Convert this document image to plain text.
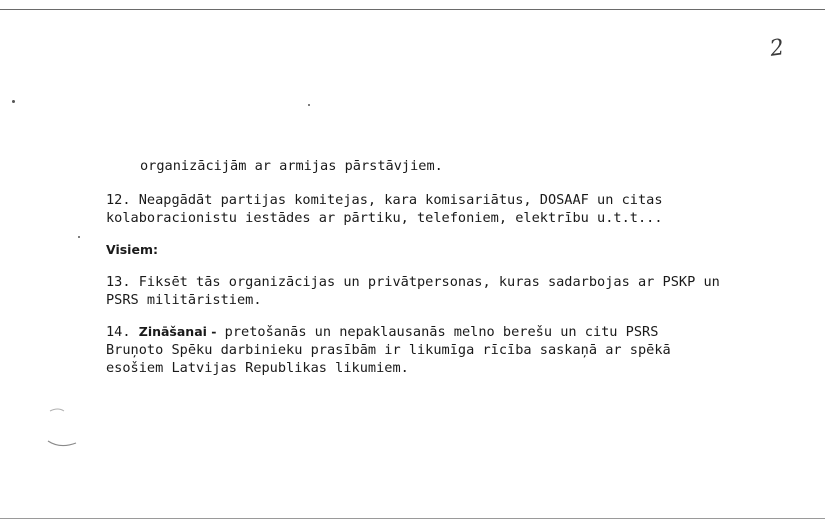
2
organizācijām ar armijas pārstāvjiem.
12. Neapgādāt partijas komitejas, kara komisariātus, DOSAAF un citas
kolaboracionistu iestādes ar pārtiku, telefoniem, elektrību u.t.t...
Visiem:
13. Fiksēt tās organizācijas un privātpersonas, kuras sadarbojas ar PSKP un
PSRS militāristiem.
14. Zināšanai - pretošanās un nepaklausanās melno berešu un citu PSRS
Bruņoto Spēku darbinieku prasībām ir likumīga rīcība saskaņā ar spēkā
esošiem Latvijas Republikas likumiem.
